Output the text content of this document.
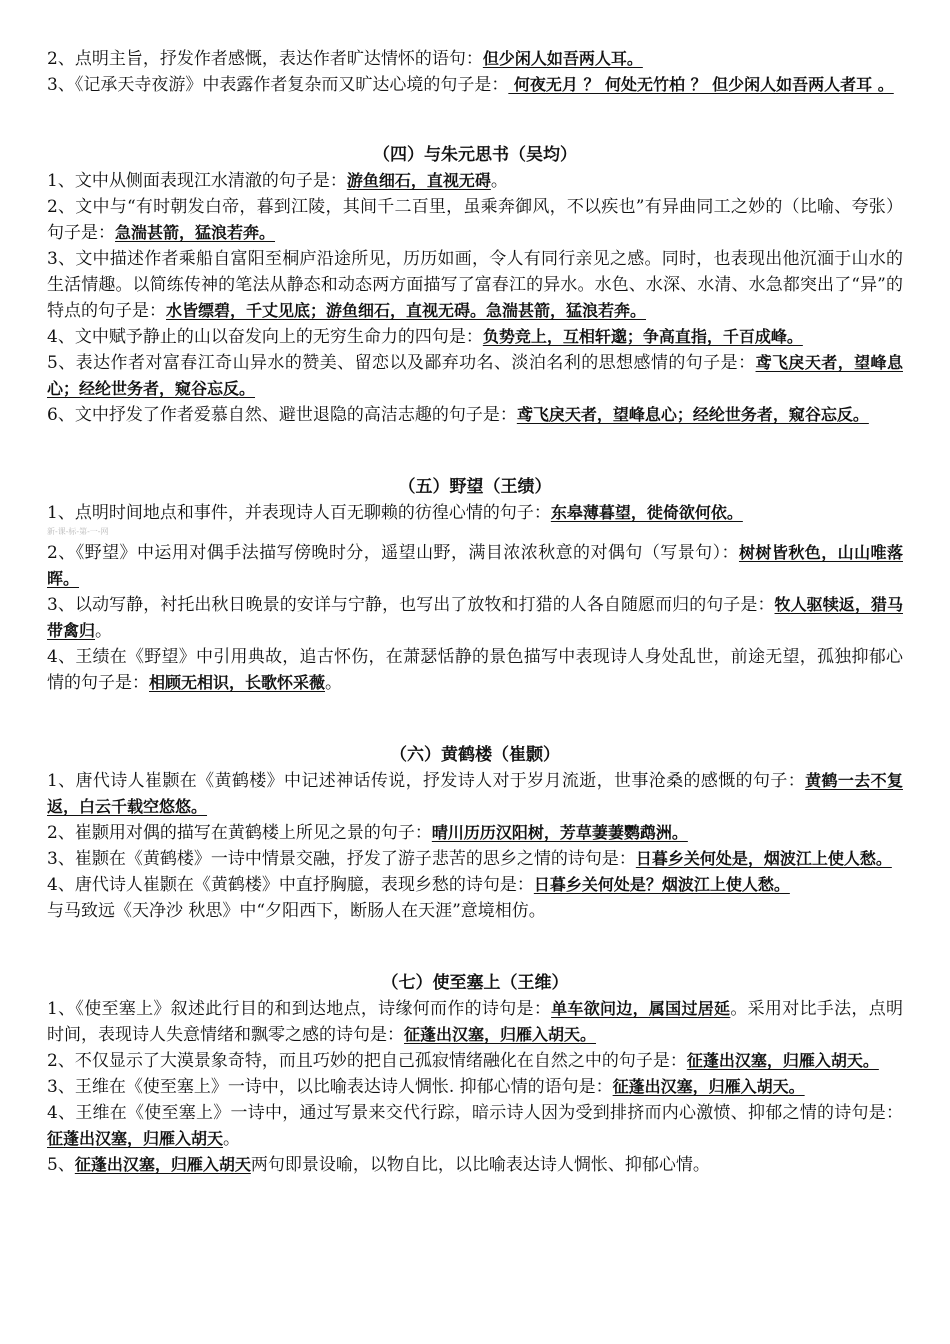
2、点明主旨，抒发作者感慨，表达作者旷达情怀的语句：但少闲人如吾两人耳。

3、《记承天寺夜游》中表露作者复杂而又旷达心境的句子是： 何夜无月 ？ 何处无竹柏 ？ 但少闲人如吾两人者耳 。

（四）与朱元思书（吴均）

1、文中从侧面表现江水清澈的句子是：游鱼细石，直视无碍。

2、文中与“有时朝发白帝，暮到江陵，其间千二百里，虽乘奔御风，不以疾也”有异曲同工之妙的（比喻、夸张）句子是：急湍甚箭，猛浪若奔。

3、文中描述作者乘船自富阳至桐庐沿途所见，历历如画，令人有同行亲见之感。同时，也表现出他沉湎于山水的生活情趣。以简练传神的笔法从静态和动态两方面描写了富春江的异水。水色、水深、水清、水急都突出了“异”的特点的句子是：水皆缥碧，千丈见底；游鱼细石，直视无碍。急湍甚箭，猛浪若奔。

4、文中赋予静止的山以奋发向上的无穷生命力的四句是：负势竞上，互相轩邈；争高直指，千百成峰。

5、表达作者对富春江奇山异水的赞美、留恋以及鄙弃功名、淡泊名利的思想感情的句子是：鸢飞戾天者，望峰息心；经纶世务者，窥谷忘反。

6、文中抒发了作者爱慕自然、避世退隐的高洁志趣的句子是：鸢飞戾天者，望峰息心；经纶世务者，窥谷忘反。

（五）野望（王绩）

1、点明时间地点和事件，并表现诗人百无聊赖的彷徨心情的句子：东皋薄暮望，徙倚欲何依。

新-课-标-第-一-网

2、《野望》中运用对偶手法描写傍晚时分，遥望山野，满目浓浓秋意的对偶句（写景句）：树树皆秋色，山山唯落晖。

3、以动写静，衬托出秋日晚景的安详与宁静，也写出了放牧和打猎的人各自随愿而归的句子是：牧人驱犊返，猎马带禽归。

4、王绩在《野望》中引用典故，追古怀伤，在萧瑟恬静的景色描写中表现诗人身处乱世，前途无望，孤独抑郁心情的句子是：相顾无相识，长歌怀采薇。

（六）黄鹤楼（崔颢）

1、唐代诗人崔颢在《黄鹤楼》中记述神话传说，抒发诗人对于岁月流逝，世事沧桑的感慨的句子：黄鹤一去不复返，白云千载空悠悠。

2、崔颢用对偶的描写在黄鹤楼上所见之景的句子：晴川历历汉阳树，芳草萋萋鹦鹉洲。

3、崔颢在《黄鹤楼》一诗中情景交融，抒发了游子悲苦的思乡之情的诗句是：日暮乡关何处是，烟波江上使人愁。

4、唐代诗人崔颢在《黄鹤楼》中直抒胸臆，表现乡愁的诗句是：日暮乡关何处是？烟波江上使人愁。
与马致远《天净沙 秋思》中“夕阳西下，断肠人在天涯”意境相仿。

（七）使至塞上（王维）

1、《使至塞上》叙述此行目的和到达地点，诗缘何而作的诗句是：单车欲问边，属国过居延。采用对比手法，点明时间，表现诗人失意情绪和飘零之感的诗句是：征蓬出汉塞，归雁入胡天。

2、不仅显示了大漠景象奇特，而且巧妙的把自己孤寂情绪融化在自然之中的句子是：征蓬出汉塞，归雁入胡天。

3、王维在《使至塞上》一诗中，以比喻表达诗人惆怅. 抑郁心情的语句是：征蓬出汉塞，归雁入胡天。

4、王维在《使至塞上》一诗中，通过写景来交代行踪，暗示诗人因为受到排挤而内心激愤、抑郁之情的诗句是：征蓬出汉塞，归雁入胡天。

5、征蓬出汉塞，归雁入胡天两句即景设喻，以物自比，以比喻表达诗人惆怅、抑郁心情。
